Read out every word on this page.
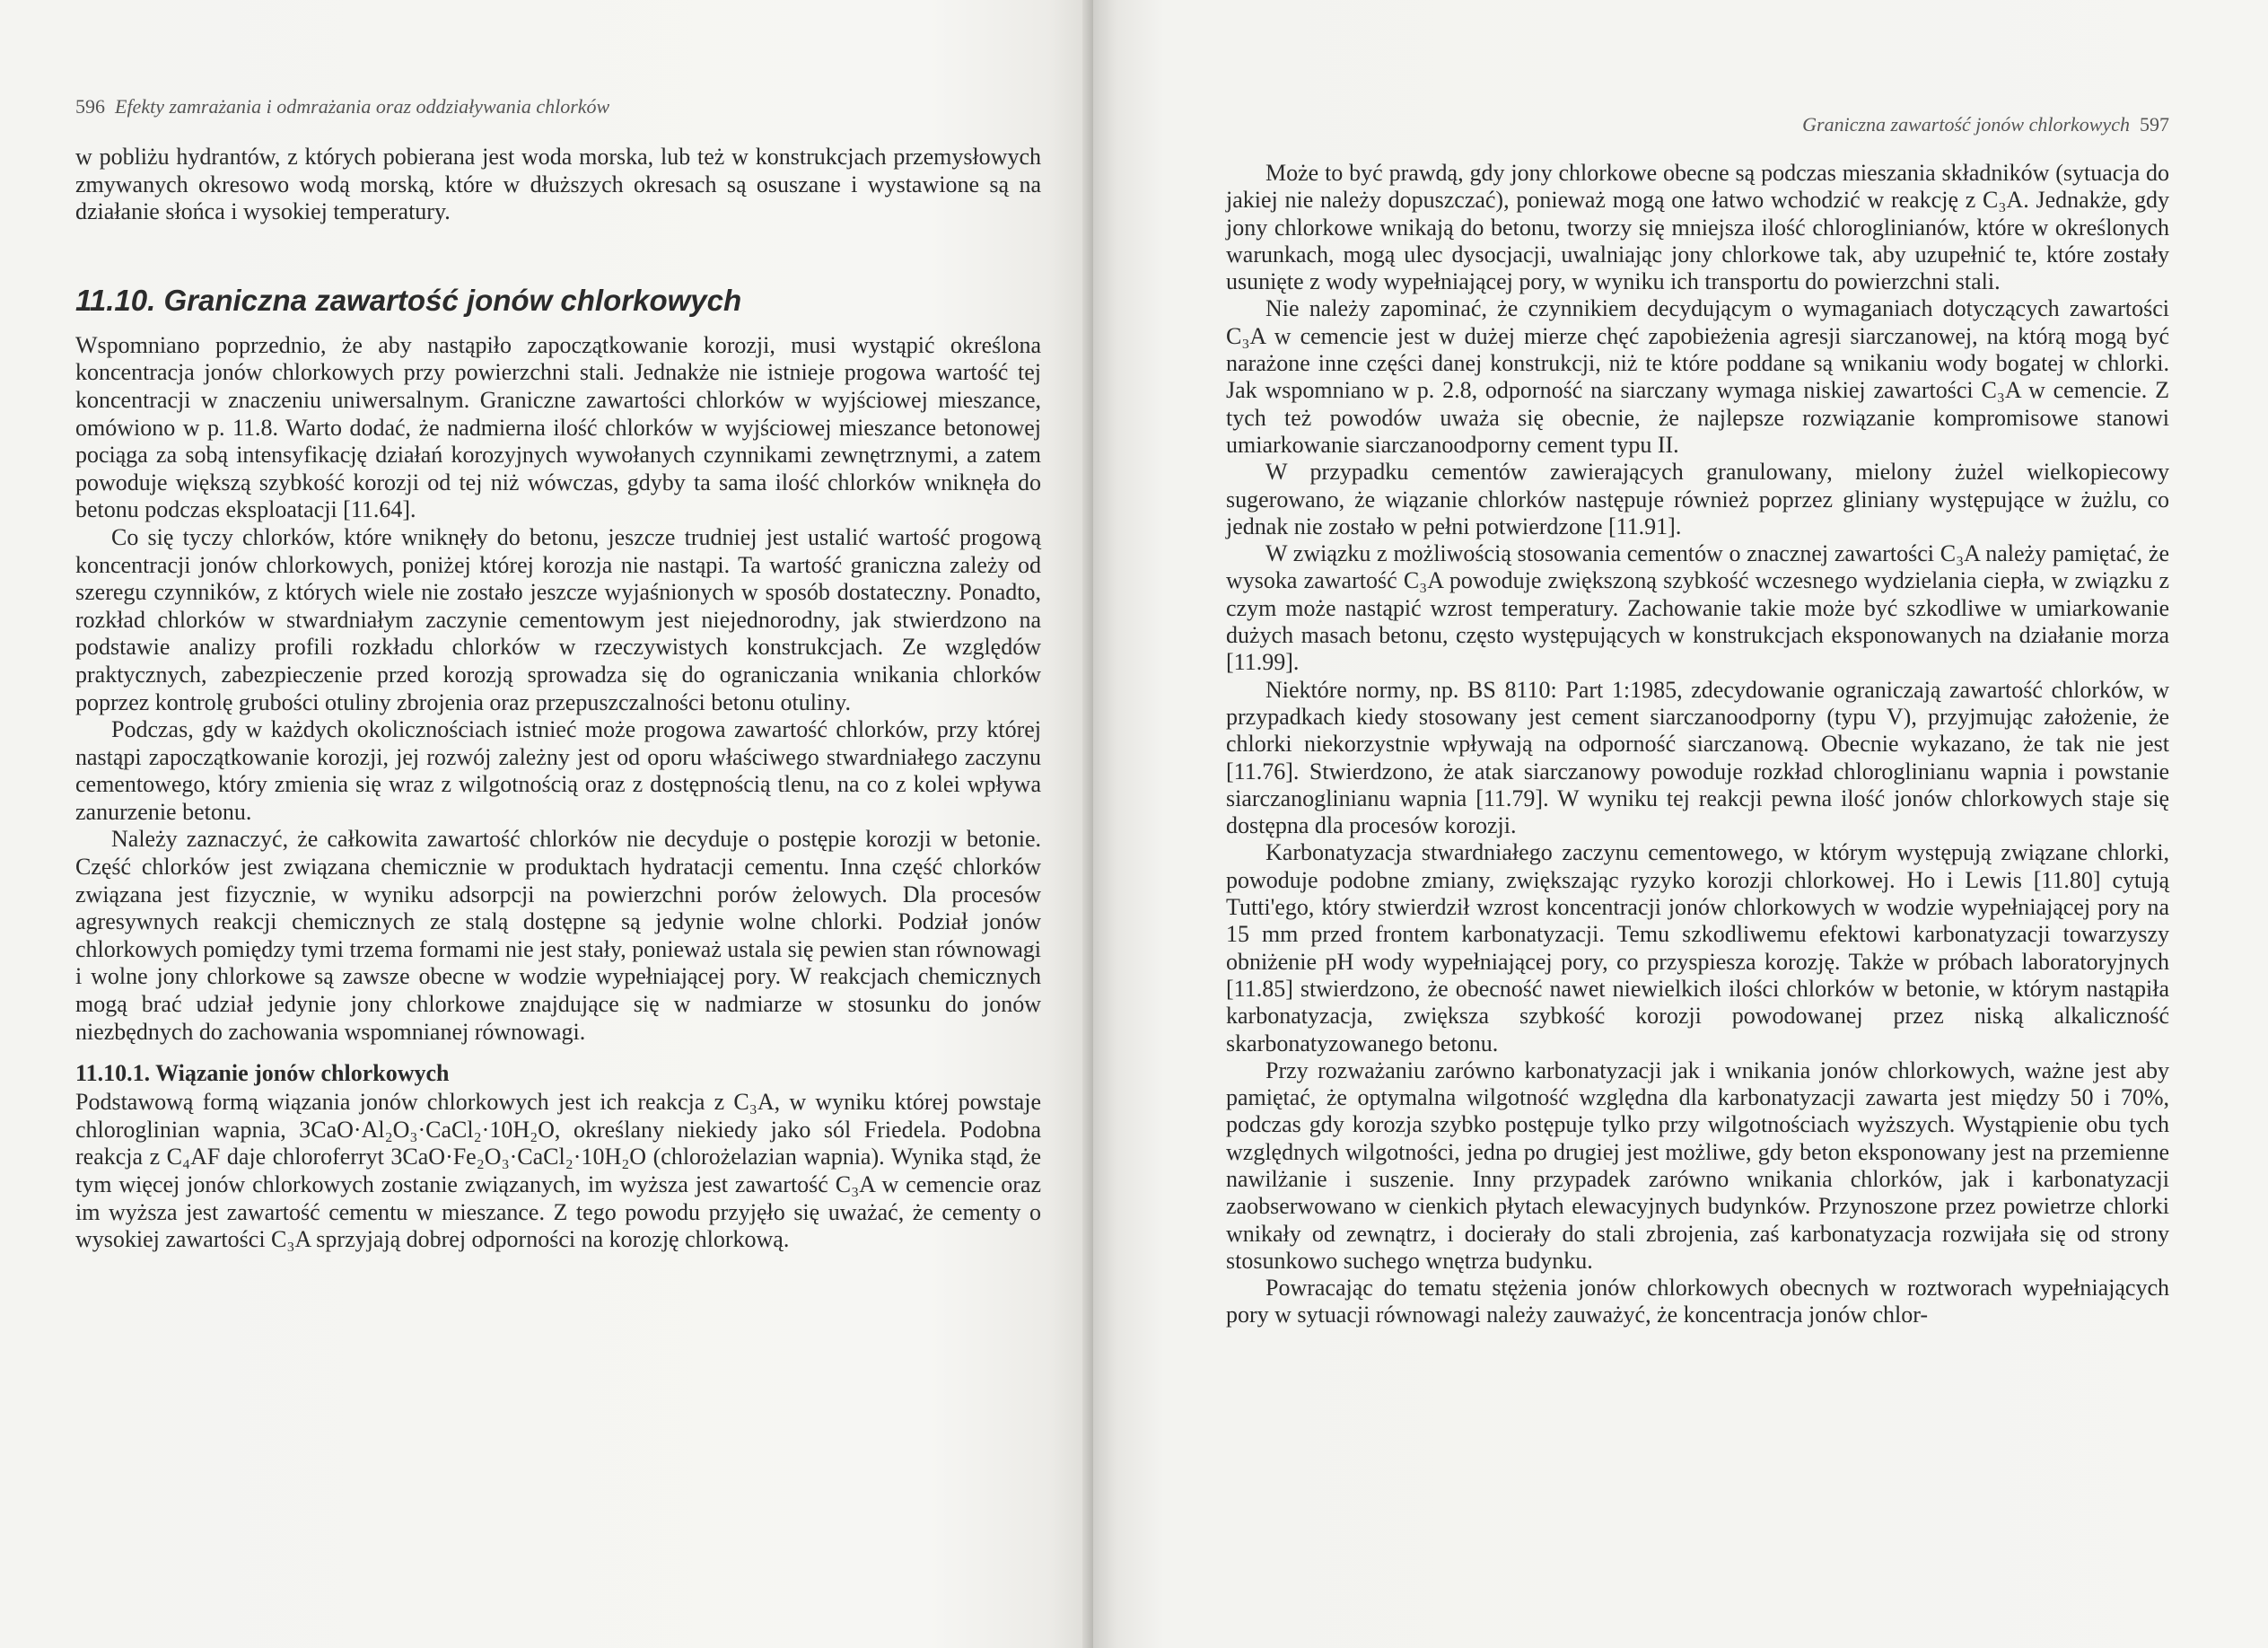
596 Efekty zamrażania i odmrażania oraz oddziaływania chlorków

w pobliżu hydrantów, z których pobierana jest woda morska, lub też w konstrukcjach przemysłowych zmywanych okresowo wodą morską, które w dłuższych okresach są osuszane i wystawione są na działanie słońca i wysokiej temperatury.

11.10. Graniczna zawartość jonów chlorkowych

Wspomniano poprzednio, że aby nastąpiło zapoczątkowanie korozji, musi wystąpić określona koncentracja jonów chlorkowych przy powierzchni stali. Jednakże nie istnieje progowa wartość tej koncentracji w znaczeniu uniwersalnym. Graniczne zawartości chlorków w wyjściowej mieszance, omówiono w p. 11.8. Warto dodać, że nadmierna ilość chlorków w wyjściowej mieszance betonowej pociąga za sobą intensyfikację działań korozyjnych wywołanych czynnikami zewnętrznymi, a zatem powoduje większą szybkość korozji od tej niż wówczas, gdyby ta sama ilość chlorków wniknęła do betonu podczas eksploatacji [11.64].

Co się tyczy chlorków, które wniknęły do betonu, jeszcze trudniej jest ustalić wartość progową koncentracji jonów chlorkowych, poniżej której korozja nie nastąpi. Ta wartość graniczna zależy od szeregu czynników, z których wiele nie zostało jeszcze wyjaśnionych w sposób dostateczny. Ponadto, rozkład chlorków w stwardniałym zaczynie cementowym jest niejednorodny, jak stwierdzono na podstawie analizy profili rozkładu chlorków w rzeczywistych konstrukcjach. Ze względów praktycznych, zabezpieczenie przed korozją sprowadza się do ograniczania wnikania chlorków poprzez kontrolę grubości otuliny zbrojenia oraz przepuszczalności betonu otuliny.

Podczas, gdy w każdych okolicznościach istnieć może progowa zawartość chlorków, przy której nastąpi zapoczątkowanie korozji, jej rozwój zależny jest od oporu właściwego stwardniałego zaczynu cementowego, który zmienia się wraz z wilgotnością oraz z dostępnością tlenu, na co z kolei wpływa zanurzenie betonu.

Należy zaznaczyć, że całkowita zawartość chlorków nie decyduje o postępie korozji w betonie. Część chlorków jest związana chemicznie w produktach hydratacji cementu. Inna część chlorków związana jest fizycznie, w wyniku adsorpcji na powierzchni porów żelowych. Dla procesów agresywnych reakcji chemicznych ze stalą dostępne są jedynie wolne chlorki. Podział jonów chlorkowych pomiędzy tymi trzema formami nie jest stały, ponieważ ustala się pewien stan równowagi i wolne jony chlorkowe są zawsze obecne w wodzie wypełniającej pory. W reakcjach chemicznych mogą brać udział jedynie jony chlorkowe znajdujące się w nadmiarze w stosunku do jonów niezbędnych do zachowania wspomnianej równowagi.

11.10.1. Wiązanie jonów chlorkowych

Podstawową formą wiązania jonów chlorkowych jest ich reakcja z C₃A, w wyniku której powstaje chloroglinian wapnia, 3CaO·Al₂O₃·CaCl₂·10H₂O, określany niekiedy jako sól Friedela. Podobna reakcja z C₄AF daje chloroferryt 3CaO·Fe₂O₃·CaCl₂·10H₂O (chlorożelazian wapnia). Wynika stąd, że tym więcej jonów chlorkowych zostanie związanych, im wyższa jest zawartość C₃A w cemencie oraz im wyższa jest zawartość cementu w mieszance. Z tego powodu przyjęło się uważać, że cementy o wysokiej zawartości C₃A sprzyjają dobrej odporności na korozję chlorkową.

Graniczna zawartość jonów chlorkowych 597

Może to być prawdą, gdy jony chlorkowe obecne są podczas mieszania składników (sytuacja do jakiej nie należy dopuszczać), ponieważ mogą one łatwo wchodzić w reakcję z C₃A. Jednakże, gdy jony chlorkowe wnikają do betonu, tworzy się mniejsza ilość chloroglinianów, które w określonych warunkach, mogą ulec dysocjacji, uwalniając jony chlorkowe tak, aby uzupełnić te, które zostały usunięte z wody wypełniającej pory, w wyniku ich transportu do powierzchni stali.

Nie należy zapominać, że czynnikiem decydującym o wymaganiach dotyczących zawartości C₃A w cemencie jest w dużej mierze chęć zapobieżenia agresji siarczanowej, na którą mogą być narażone inne części danej konstrukcji, niż te które poddane są wnikaniu wody bogatej w chlorki. Jak wspomniano w p. 2.8, odporność na siarczany wymaga niskiej zawartości C₃A w cemencie. Z tych też powodów uważa się obecnie, że najlepsze rozwiązanie kompromisowe stanowi umiarkowanie siarczanoodporny cement typu II.

W przypadku cementów zawierających granulowany, mielony żużel wielkopiecowy sugerowano, że wiązanie chlorków następuje również poprzez gliniany występujące w żużlu, co jednak nie zostało w pełni potwierdzone [11.91].

W związku z możliwością stosowania cementów o znacznej zawartości C₃A należy pamiętać, że wysoka zawartość C₃A powoduje zwiększoną szybkość wczesnego wydzielania ciepła, w związku z czym może nastąpić wzrost temperatury. Zachowanie takie może być szkodliwe w umiarkowanie dużych masach betonu, często występujących w konstrukcjach eksponowanych na działanie morza [11.99].

Niektóre normy, np. BS 8110: Part 1:1985, zdecydowanie ograniczają zawartość chlorków, w przypadkach kiedy stosowany jest cement siarczanoodporny (typu V), przyjmując założenie, że chlorki niekorzystnie wpływają na odporność siarczanową. Obecnie wykazano, że tak nie jest [11.76]. Stwierdzono, że atak siarczanowy powoduje rozkład chloroglinianu wapnia i powstanie siarczanoglinianu wapnia [11.79]. W wyniku tej reakcji pewna ilość jonów chlorkowych staje się dostępna dla procesów korozji.

Karbonatyzacja stwardniałego zaczynu cementowego, w którym występują związane chlorki, powoduje podobne zmiany, zwiększając ryzyko korozji chlorkowej. Ho i Lewis [11.80] cytują Tutti'ego, który stwierdził wzrost koncentracji jonów chlorkowych w wodzie wypełniającej pory na 15 mm przed frontem karbonatyzacji. Temu szkodliwemu efektowi karbonatyzacji towarzyszy obniżenie pH wody wypełniającej pory, co przyspiesza korozję. Także w próbach laboratoryjnych [11.85] stwierdzono, że obecność nawet niewielkich ilości chlorków w betonie, w którym nastąpiła karbonatyzacja, zwiększa szybkość korozji powodowanej przez niską alkaliczność skarbonatyzowanego betonu.

Przy rozważaniu zarówno karbonatyzacji jak i wnikania jonów chlorkowych, ważne jest aby pamiętać, że optymalna wilgotność względna dla karbonatyzacji zawarta jest między 50 i 70%, podczas gdy korozja szybko postępuje tylko przy wilgotnościach wyższych. Wystąpienie obu tych względnych wilgotności, jedna po drugiej jest możliwe, gdy beton eksponowany jest na przemienne nawilżanie i suszenie. Inny przypadek zarówno wnikania chlorków, jak i karbonatyzacji zaobserwowano w cienkich płytach elewacyjnych budynków. Przynoszone przez powietrze chlorki wnikały od zewnątrz, i docierały do stali zbrojenia, zaś karbonatyzacja rozwijała się od strony stosunkowo suchego wnętrza budynku.

Powracając do tematu stężenia jonów chlorkowych obecnych w roztworach wypełniających pory w sytuacji równowagi należy zauważyć, że koncentracja jonów chlor-
